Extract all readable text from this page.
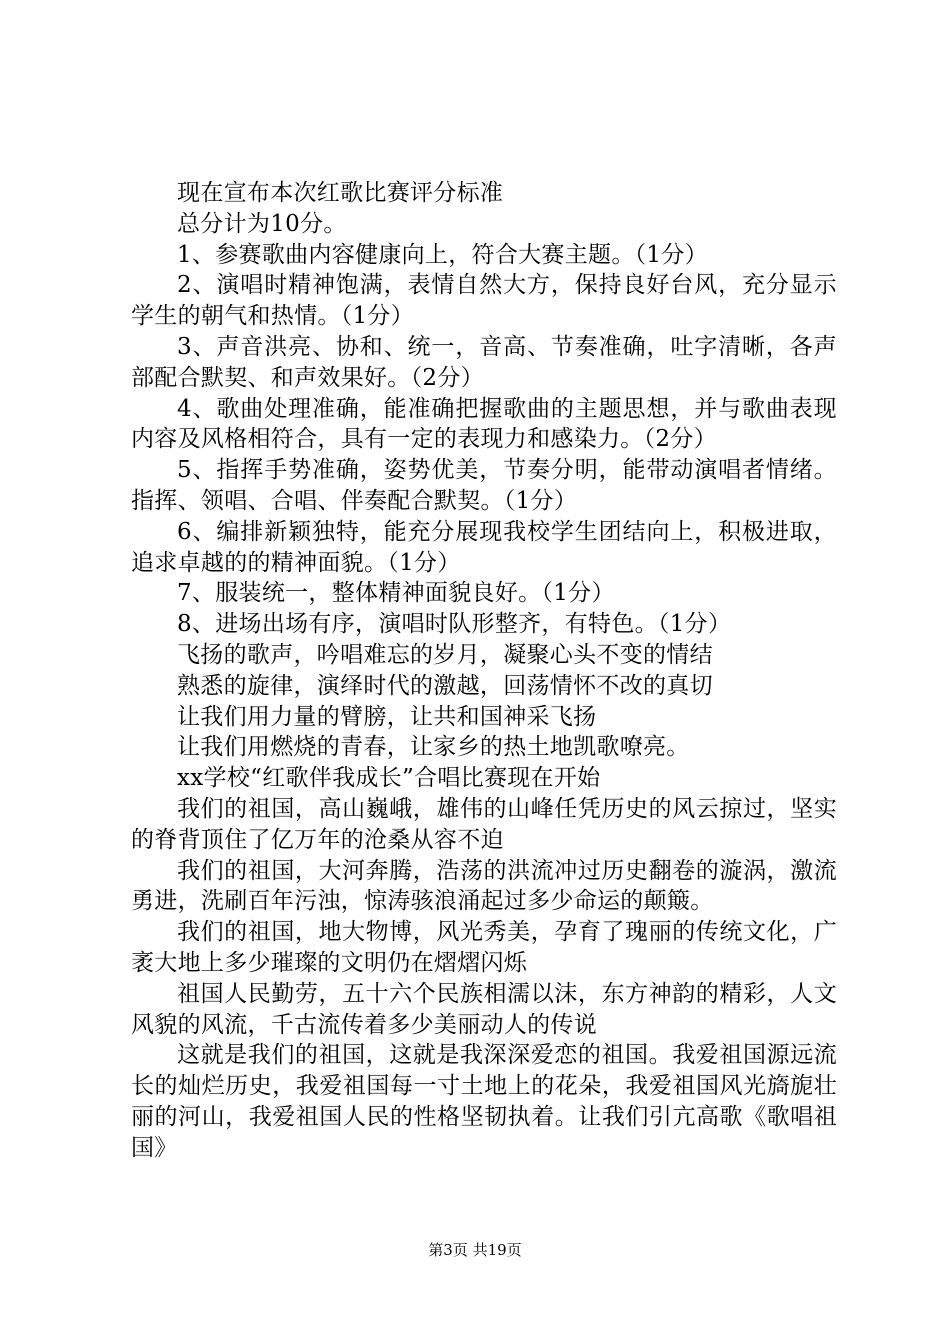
现在宣布本次红歌比赛评分标准

总分计为10分。

1、参赛歌曲内容健康向上，符合大赛主题。（1分）

2、演唱时精神饱满，表情自然大方，保持良好台风，充分显示学生的朝气和热情。（1分）

3、声音洪亮、协和、统一，音高、节奏准确，吐字清晰，各声部配合默契、和声效果好。（2分）

4、歌曲处理准确，能准确把握歌曲的主题思想，并与歌曲表现内容及风格相符合，具有一定的表现力和感染力。（2分）

5、指挥手势准确，姿势优美，节奏分明，能带动演唱者情绪。指挥、领唱、合唱、伴奏配合默契。（1分）

6、编排新颖独特，能充分展现我校学生团结向上，积极进取，追求卓越的的精神面貌。（1分）

7、服装统一，整体精神面貌良好。（1分）

8、进场出场有序，演唱时队形整齐，有特色。（1分）

飞扬的歌声，吟唱难忘的岁月，凝聚心头不变的情结

熟悉的旋律，演绎时代的激越，回荡情怀不改的真切

让我们用力量的臂膀，让共和国神采飞扬

让我们用燃烧的青春，让家乡的热土地凯歌嘹亮。

xx学校“红歌伴我成长”合唱比赛现在开始

我们的祖国，高山巍峨，雄伟的山峰任凭历史的风云掠过，坚实的脊背顶住了亿万年的沧桑从容不迫

我们的祖国，大河奔腾，浩荡的洪流冲过历史翻卷的漩涡，激流勇进，洗刷百年污浊，惊涛骇浪涌起过多少命运的颠簸。

我们的祖国，地大物博，风光秀美，孕育了瑰丽的传统文化，广袤大地上多少璀璨的文明仍在熠熠闪烁

祖国人民勤劳，五十六个民族相濡以沫，东方神韵的精彩，人文风貌的风流，千古流传着多少美丽动人的传说

这就是我们的祖国，这就是我深深爱恋的祖国。我爱祖国源远流长的灿烂历史，我爱祖国每一寸土地上的花朵，我爱祖国风光旖旎壮丽的河山，我爱祖国人民的性格坚韧执着。让我们引亢高歌《歌唱祖国》

第3页 共19页
